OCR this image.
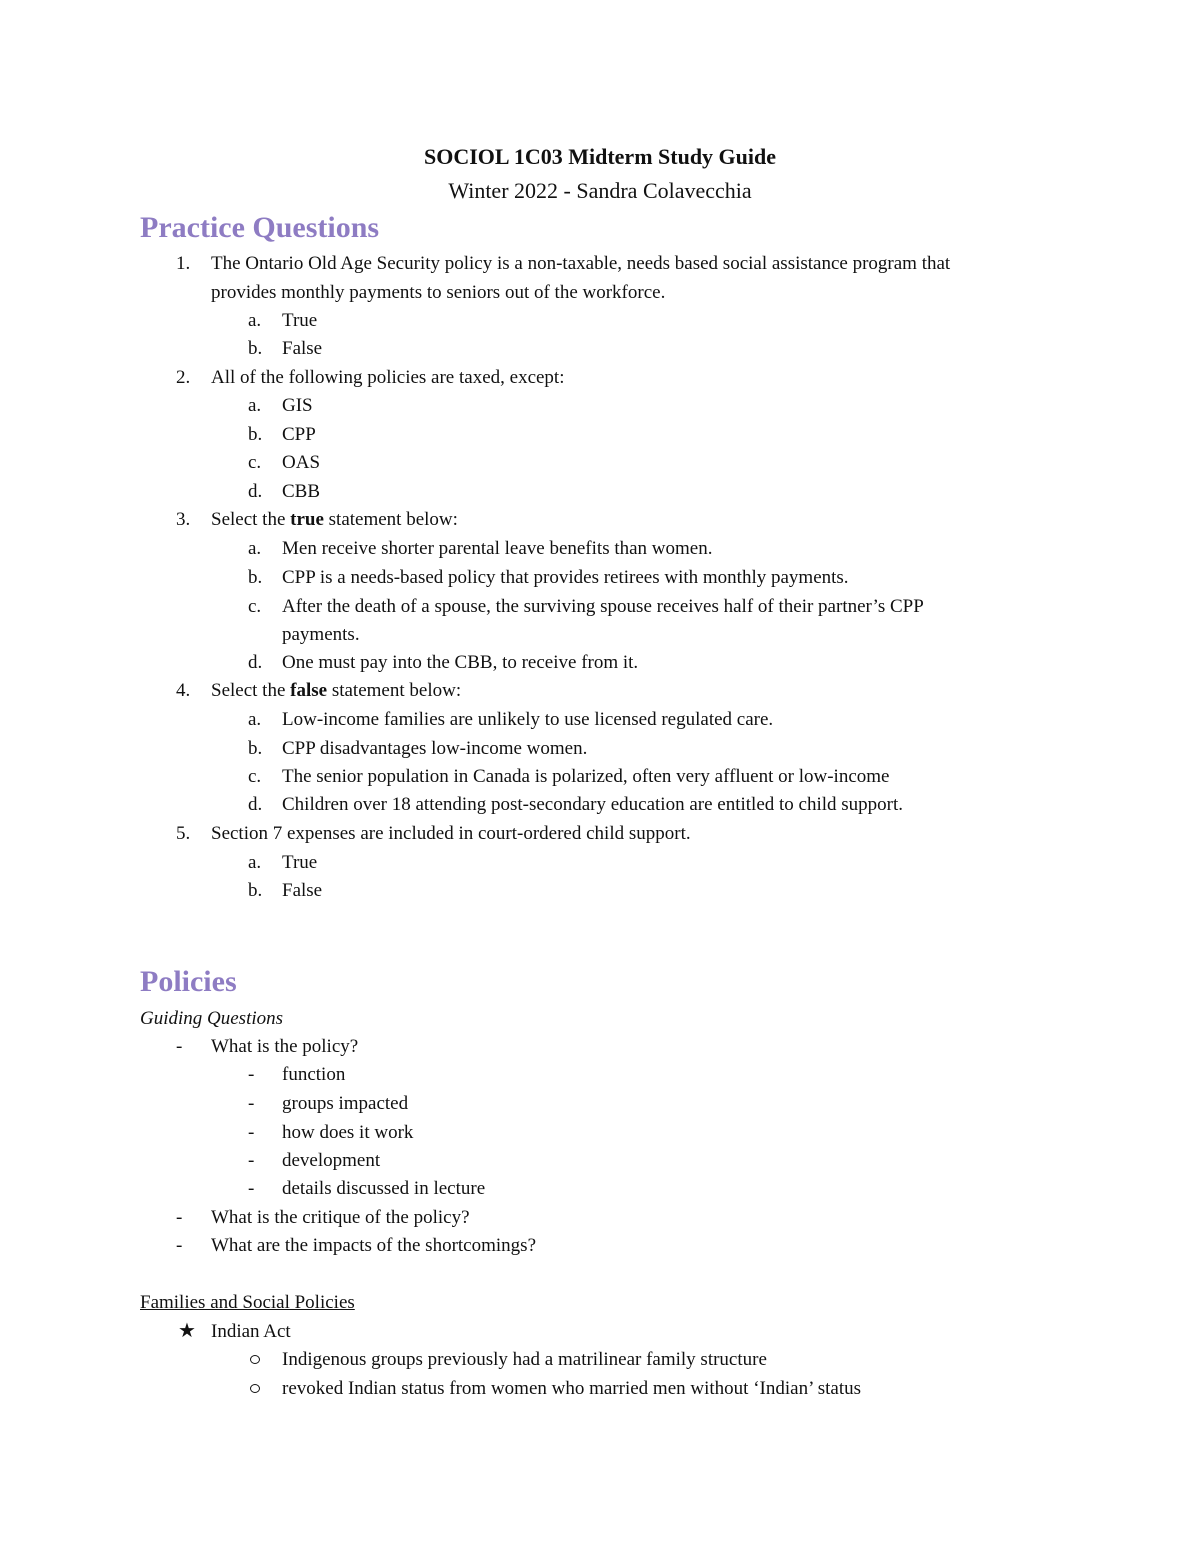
SOCIOL 1C03 Midterm Study Guide
Winter 2022 - Sandra Colavecchia
Practice Questions
1. The Ontario Old Age Security policy is a non-taxable, needs based social assistance program that
provides monthly payments to seniors out of the workforce.
a. True
b. False
2. All of the following policies are taxed, except:
a. GIS
b. CPP
c. OAS
d. CBB
3. Select the true statement below:
a. Men receive shorter parental leave benefits than women.
b. CPP is a needs-based policy that provides retirees with monthly payments.
c. After the death of a spouse, the surviving spouse receives half of their partner’s CPP
payments.
d. One must pay into the CBB, to receive from it.
4. Select the false statement below:
a. Low-income families are unlikely to use licensed regulated care.
b. CPP disadvantages low-income women.
c. The senior population in Canada is polarized, often very affluent or low-income
d. Children over 18 attending post-secondary education are entitled to child support.
5. Section 7 expenses are included in court-ordered child support.
a. True
b. False
Policies
Guiding Questions
- What is the policy?
- function
- groups impacted
- how does it work
- development
- details discussed in lecture
- What is the critique of the policy?
- What are the impacts of the shortcomings?
Families and Social Policies
★ Indian Act
Indigenous groups previously had a matrilinear family structure
revoked Indian status from women who married men without ‘Indian’ status
